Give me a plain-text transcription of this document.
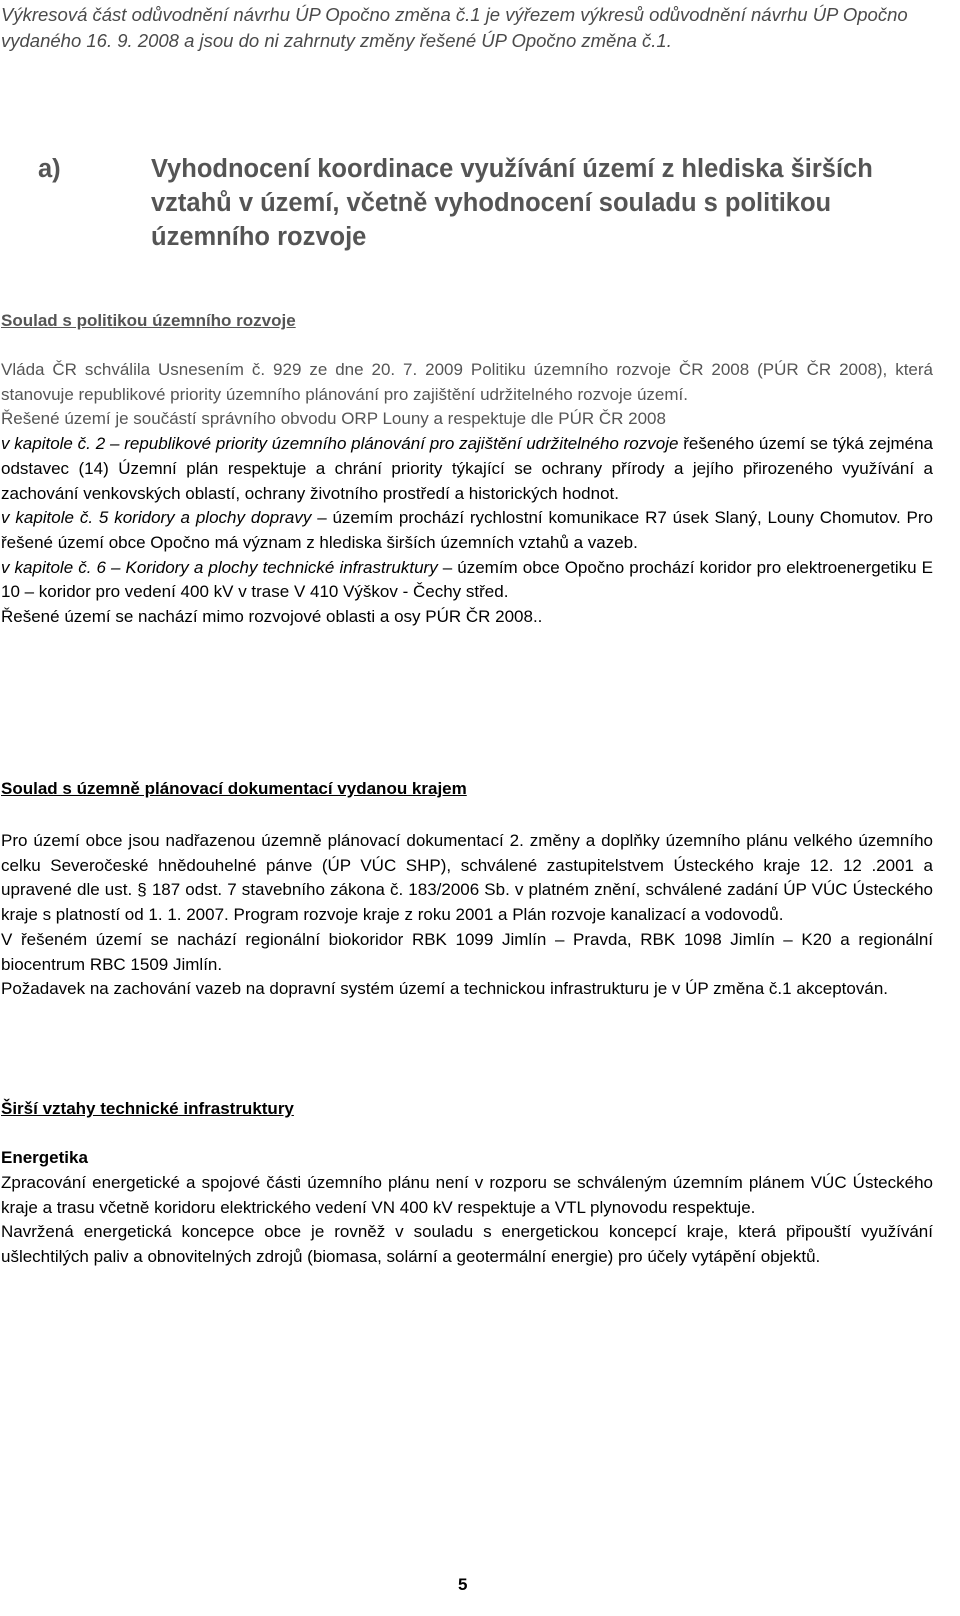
Výkresová část odůvodnění návrhu ÚP Opočno změna č.1 je výřezem výkresů odůvodnění návrhu ÚP Opočno vydaného 16. 9. 2008 a jsou do ni zahrnuty změny řešené ÚP Opočno změna č.1.
a)	Vyhodnocení koordinace využívání území z hlediska širších vztahů v území, včetně vyhodnocení souladu s politikou územního rozvoje
Soulad s politikou územního rozvoje

Vláda ČR schválila Usnesením č. 929 ze dne 20. 7. 2009 Politiku územního rozvoje ČR 2008 (PÚR ČR 2008), která stanovuje republikové priority územního plánování pro zajištění udržitelného rozvoje území.

Řešené území je součástí správního obvodu ORP Louny a respektuje dle PÚR ČR 2008

v kapitole č. 2 – republikové priority územního plánování pro zajištění udržitelného rozvoje řešeného území se týká zejména odstavec (14) Územní plán respektuje a chrání priority týkající se ochrany přírody a jejího přirozeného využívání a zachování venkovských oblastí, ochrany životního prostředí a historických hodnot.

v kapitole č. 5 koridory a plochy dopravy – územím prochází rychlostní komunikace R7 úsek Slaný, Louny Chomutov. Pro řešené území obce Opočno má význam z hlediska širších územních vztahů a vazeb.

v kapitole č. 6 – Koridory a plochy technické infrastruktury – územím obce Opočno prochází koridor pro elektroenergetiku E 10 – koridor pro vedení 400 kV v trase V 410 Výškov - Čechy střed.

Řešené území se nachází mimo rozvojové oblasti a osy PÚR ČR 2008..

Soulad s územně plánovací dokumentací vydanou krajem

Pro území obce jsou nadřazenou územně plánovací dokumentací 2. změny a doplňky územního plánu velkého územního celku Severočeské hnědouhelné pánve (ÚP VÚC SHP), schválené zastupitelstvem Ústeckého kraje 12. 12 .2001 a upravené dle ust. § 187 odst. 7 stavebního zákona č. 183/2006 Sb. v platném znění, schválené zadání ÚP VÚC Ústeckého kraje s platností od 1. 1. 2007. Program rozvoje kraje z roku 2001 a Plán rozvoje kanalizací a vodovodů.

V řešeném území se nachází regionální biokoridor RBK 1099 Jimlín – Pravda, RBK 1098 Jimlín – K20 a regionální biocentrum RBC 1509 Jimlín.

Požadavek na zachování vazeb na dopravní systém území a technickou infrastrukturu je v ÚP změna č.1 akceptován.

Širší vztahy technické infrastruktury
Energetika

Zpracování energetické a spojové části územního plánu není v rozporu se schváleným územním plánem VÚC Ústeckého kraje a trasu včetně koridoru elektrického vedení VN 400 kV respektuje a VTL plynovodu respektuje.

Navržená energetická koncepce obce je rovněž v souladu s energetickou koncepcí kraje, která připouští využívání ušlechtilých paliv a obnovitelných zdrojů (biomasa, solární a geotermální energie) pro účely vytápění objektů.

5
